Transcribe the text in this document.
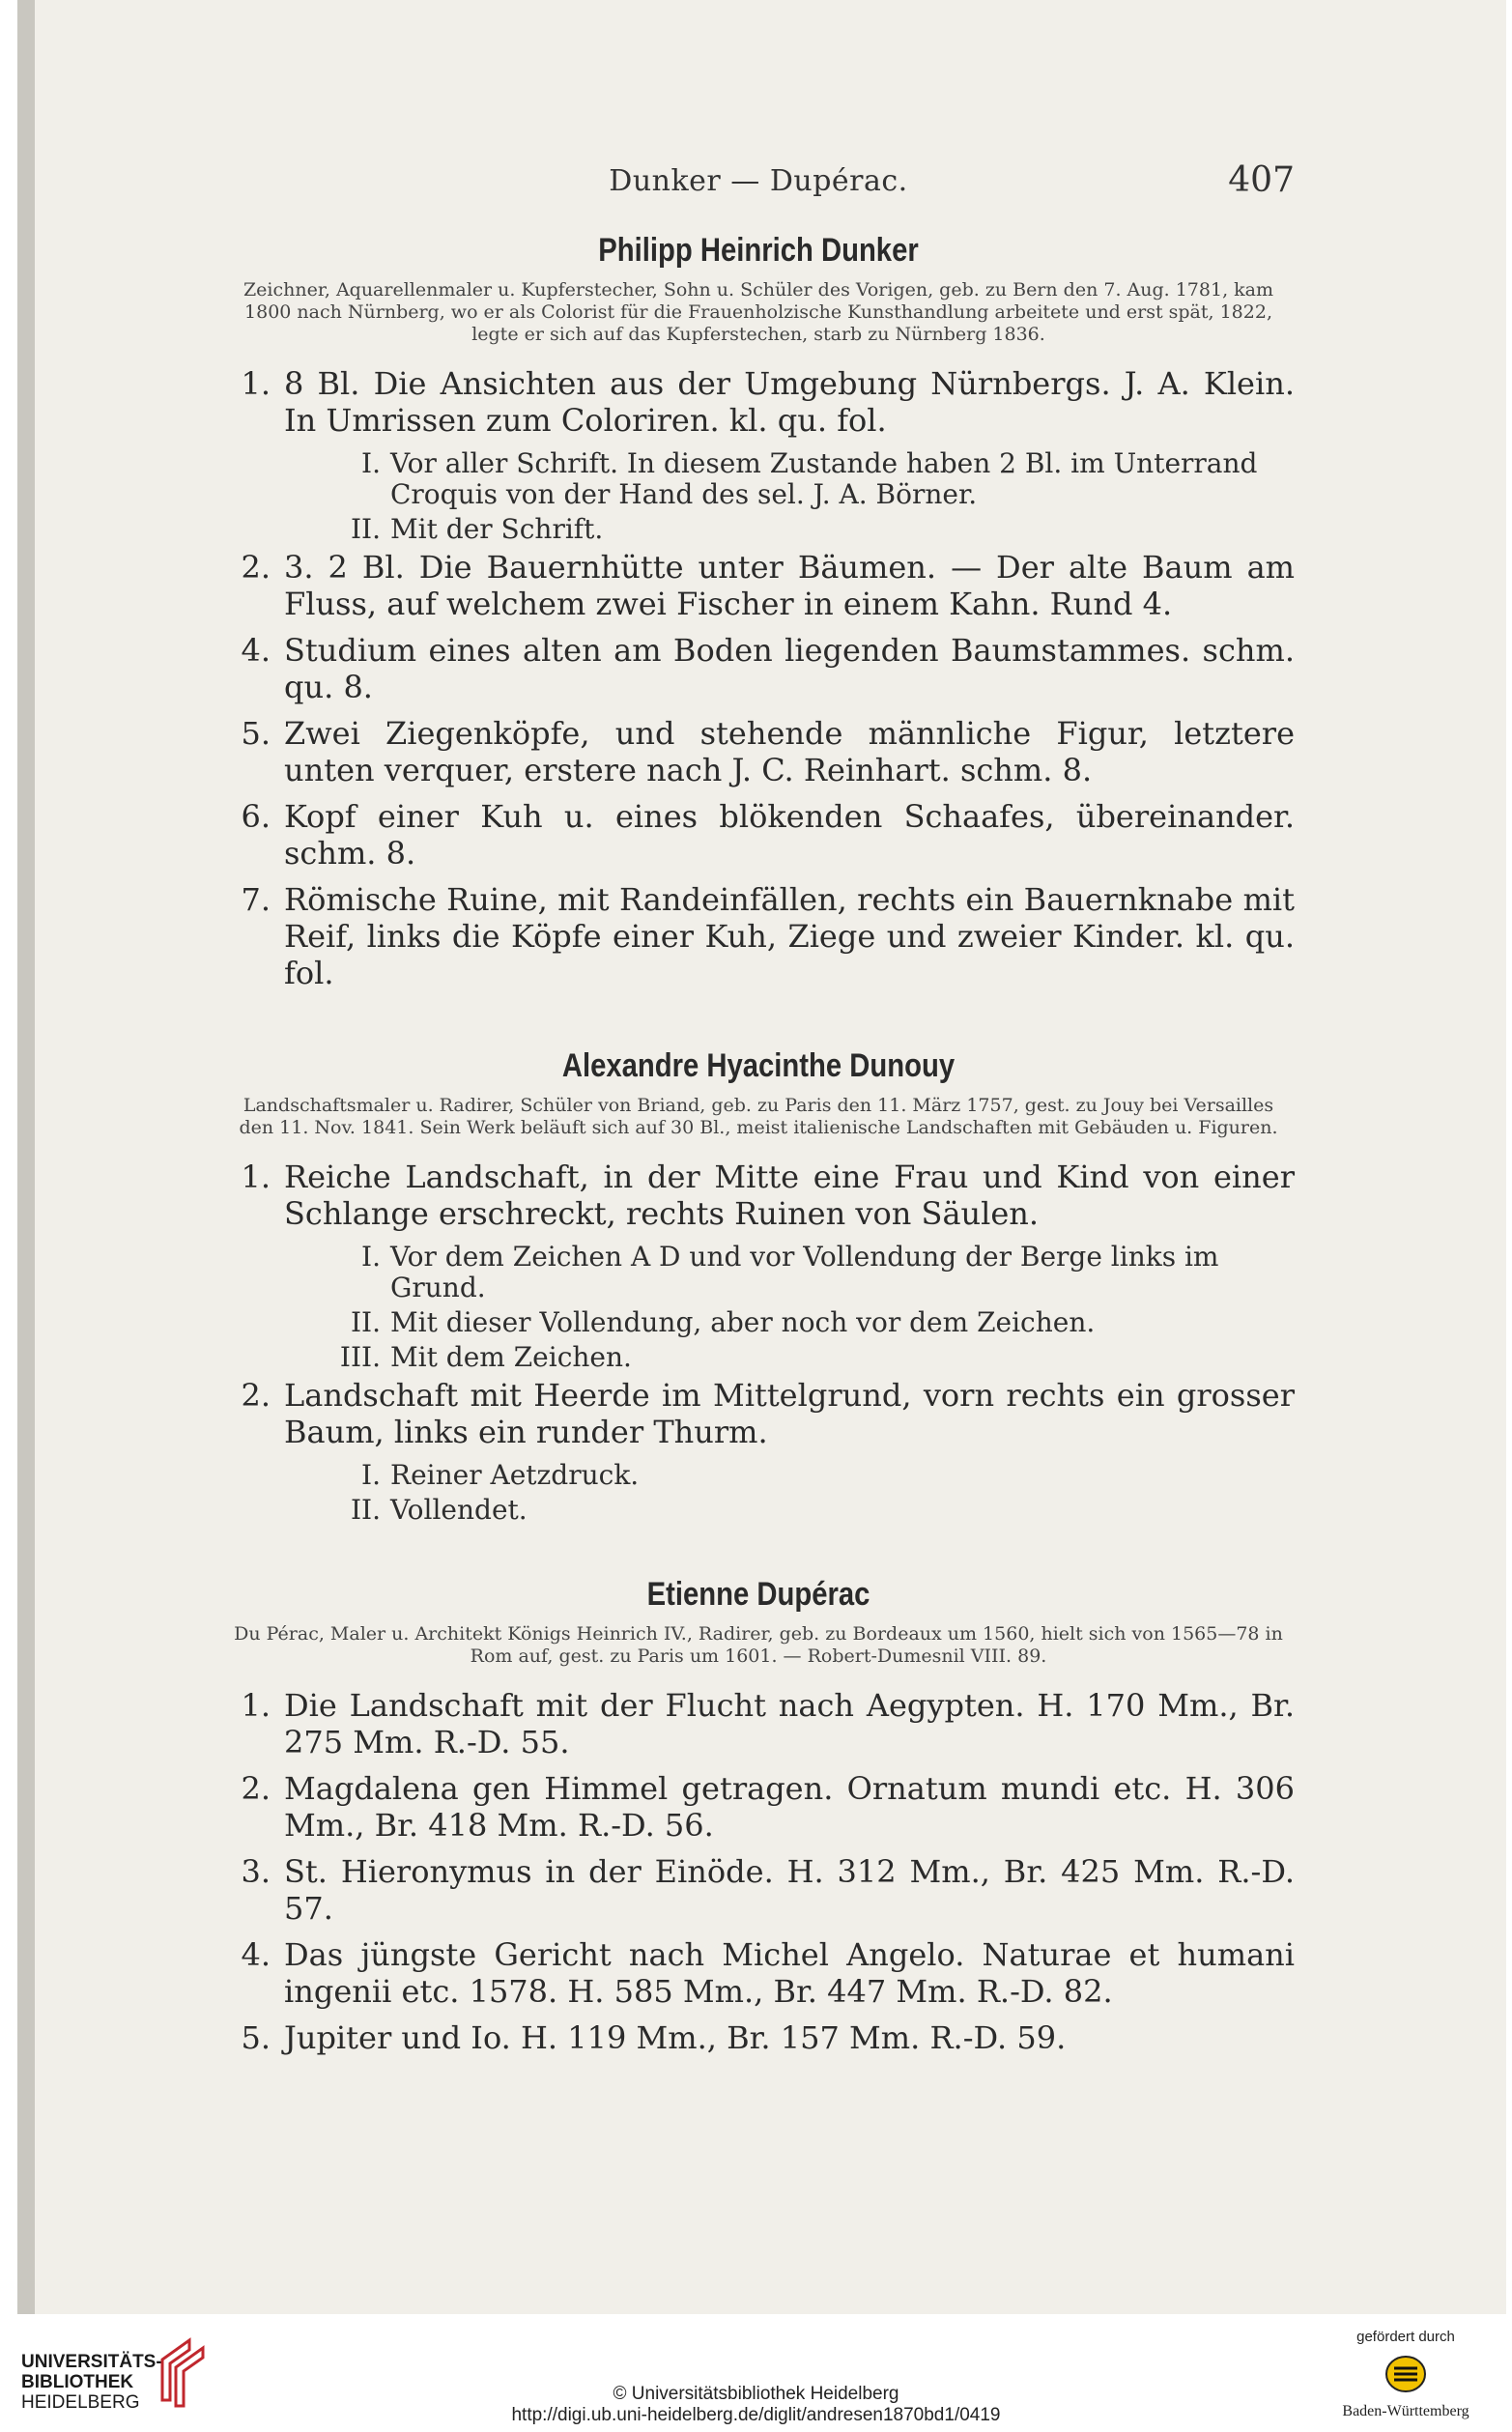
Dunker — Dupérac.	407
Philipp Heinrich Dunker
Zeichner, Aquarellenmaler u. Kupferstecher, Sohn u. Schüler des Vorigen, geb. zu Bern den 7. Aug. 1781, kam 1800 nach Nürnberg, wo er als Colorist für die Frauenholzische Kunsthandlung arbeitete und erst spät, 1822, legte er sich auf das Kupferstechen, starb zu Nürnberg 1836.
1. 8 Bl. Die Ansichten aus der Umgebung Nürnbergs. J. A. Klein. In Umrissen zum Coloriren. kl. qu. fol.
I. Vor aller Schrift. In diesem Zustande haben 2 Bl. im Unterrand Croquis von der Hand des sel. J. A. Börner.
II. Mit der Schrift.
2. 3. 2 Bl. Die Bauernhütte unter Bäumen. — Der alte Baum am Fluss, auf welchem zwei Fischer in einem Kahn. Rund 4.
4. Studium eines alten am Boden liegenden Baumstammes. schm. qu. 8.
5. Zwei Ziegenköpfe, und stehende männliche Figur, letztere unten verquer, erstere nach J. C. Reinhart. schm. 8.
6. Kopf einer Kuh u. eines blökenden Schaafes, übereinander. schm. 8.
7. Römische Ruine, mit Randeinfällen, rechts ein Bauernknabe mit Reif, links die Köpfe einer Kuh, Ziege und zweier Kinder. kl. qu. fol.
Alexandre Hyacinthe Dunouy
Landschaftsmaler u. Radirer, Schüler von Briand, geb. zu Paris den 11. März 1757, gest. zu Jouy bei Versailles den 11. Nov. 1841. Sein Werk beläuft sich auf 30 Bl., meist italienische Landschaften mit Gebäuden u. Figuren.
1. Reiche Landschaft, in der Mitte eine Frau und Kind von einer Schlange erschreckt, rechts Ruinen von Säulen.
I. Vor dem Zeichen A D und vor Vollendung der Berge links im Grund.
II. Mit dieser Vollendung, aber noch vor dem Zeichen.
III. Mit dem Zeichen.
2. Landschaft mit Heerde im Mittelgrund, vorn rechts ein grosser Baum, links ein runder Thurm.
I. Reiner Aetzdruck.
II. Vollendet.
Etienne Dupérac
Du Pérac, Maler u. Architekt Königs Heinrich IV., Radirer, geb. zu Bordeaux um 1560, hielt sich von 1565—78 in Rom auf, gest. zu Paris um 1601. — Robert-Dumesnil VIII. 89.
1. Die Landschaft mit der Flucht nach Aegypten. H. 170 Mm., Br. 275 Mm. R.-D. 55.
2. Magdalena gen Himmel getragen. Ornatum mundi etc. H. 306 Mm., Br. 418 Mm. R.-D. 56.
3. St. Hieronymus in der Einöde. H. 312 Mm., Br. 425 Mm. R.-D. 57.
4. Das jüngste Gericht nach Michel Angelo. Naturae et humani ingenii etc. 1578. H. 585 Mm., Br. 447 Mm. R.-D. 82.
5. Jupiter und Io. H. 119 Mm., Br. 157 Mm. R.-D. 59.
UNIVERSITÄTS-
BIBLIOTHEK
HEIDELBERG	© Universitätsbibliothek Heidelberg
http://digi.ub.uni-heidelberg.de/diglit/andresen1870bd1/0419
gefördert durch
Baden-Württemberg
